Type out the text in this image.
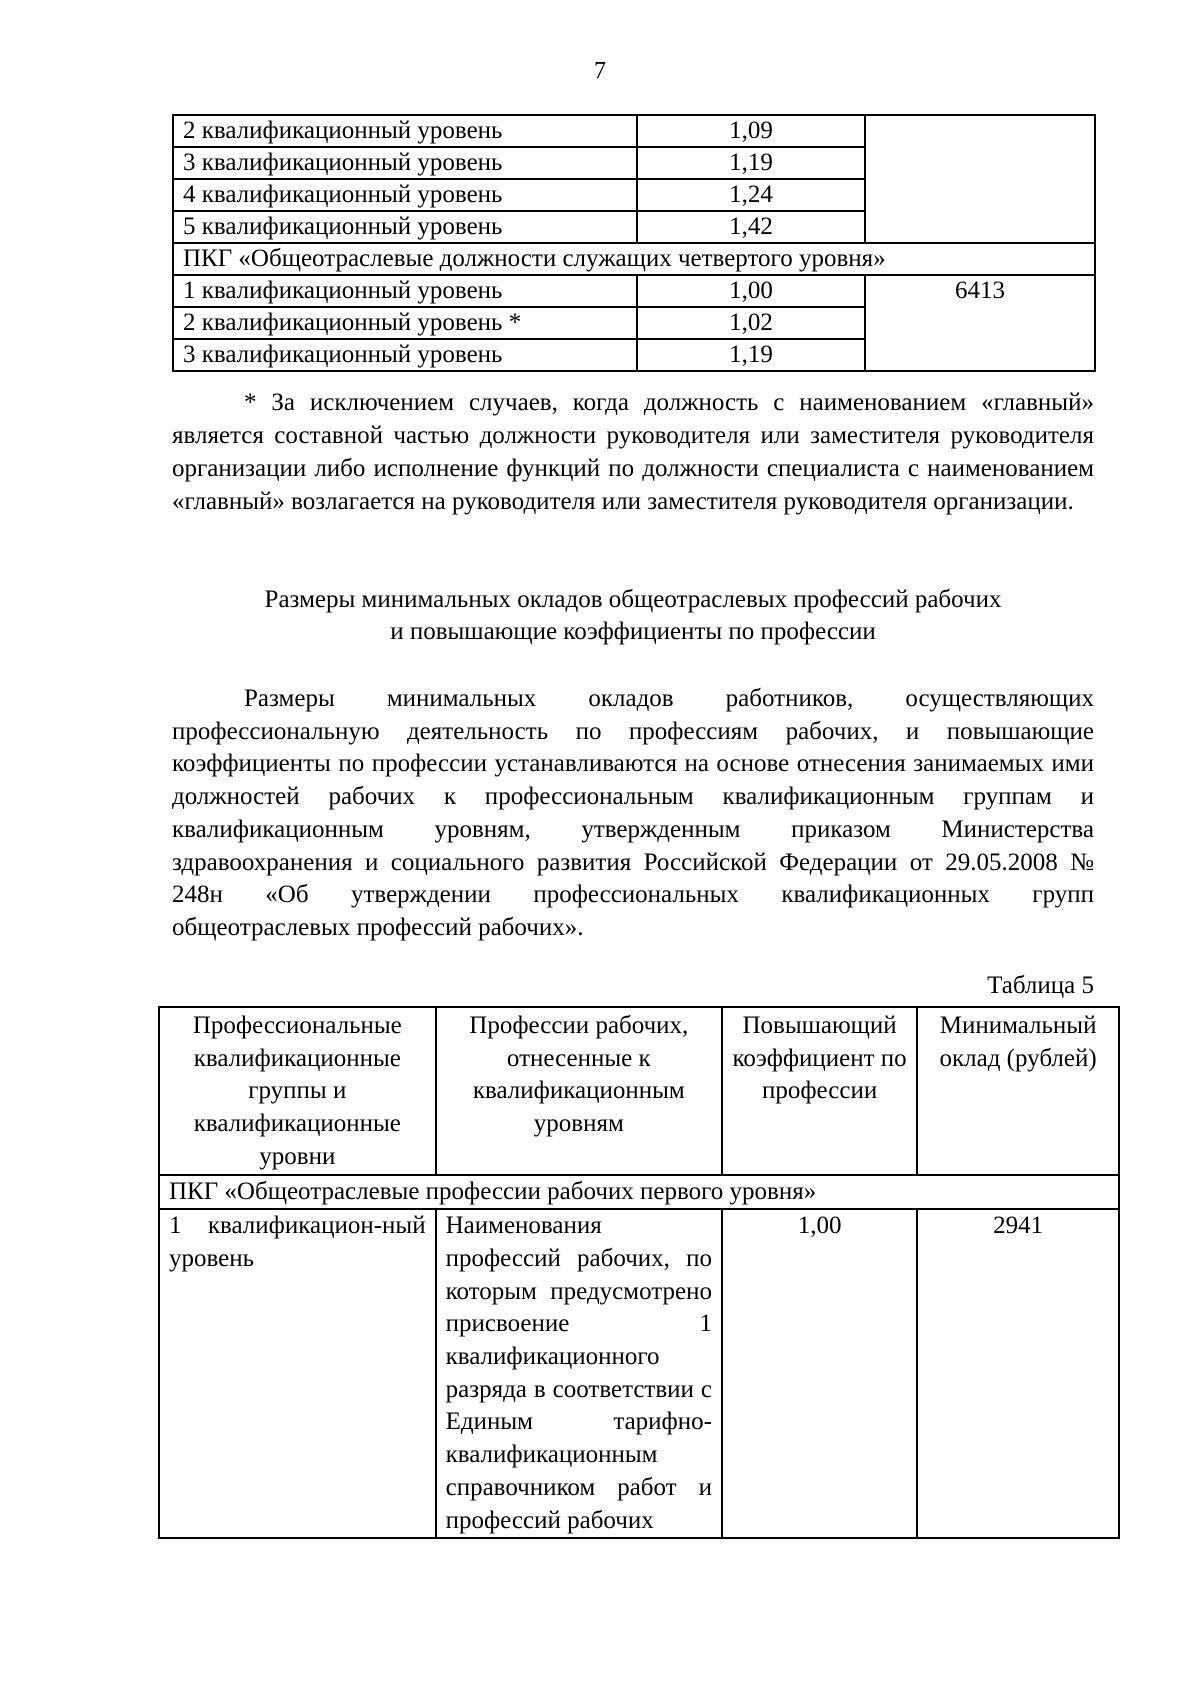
7
2 квалификационный уровень	1,09	
3 квалификационный уровень	1,19	
4 квалификационный уровень	1,24	
5 квалификационный уровень	1,42	
ПКГ «Общеотраслевые должности служащих четвертого уровня»		
1 квалификационный уровень	1,00	6413
2 квалификационный уровень *	1,02	
3 квалификационный уровень	1,19	

* За исключением случаев, когда должность с наименованием «главный» является составной частью должности руководителя или заместителя руководителя организации либо исполнение функций по должности специалиста с наименованием «главный» возлагается на руководителя или заместителя руководителя организации.

Размеры минимальных окладов общеотраслевых профессий рабочих
и повышающие коэффициенты по профессии

Размеры минимальных окладов работников, осуществляющих профессиональную деятельность по профессиям рабочих, и повышающие коэффициенты по профессии устанавливаются на основе отнесения занимаемых ими должностей рабочих к профессиональным квалификационным группам и квалификационным уровням, утвержденным приказом Министерства здравоохранения и социального развития Российской Федерации от 29.05.2008 № 248н «Об утверждении профессиональных квалификационных групп общеотраслевых профессий рабочих».

Таблица 5
Профессиональные квалификационные группы и квалификационные уровни	Профессии рабочих, отнесенные к квалификационным уровням	Повышающий коэффициент по профессии	Минимальный оклад (рублей)
ПКГ «Общеотраслевые профессии рабочих первого уровня»			
1 квалификацион-ный уровень	Наименования профессий рабочих, по которым предусмотрено присвоение 1 квалификационного разряда в соответствии с Единым тарифно-квалификационным справочником работ и профессий рабочих	1,00	2941
